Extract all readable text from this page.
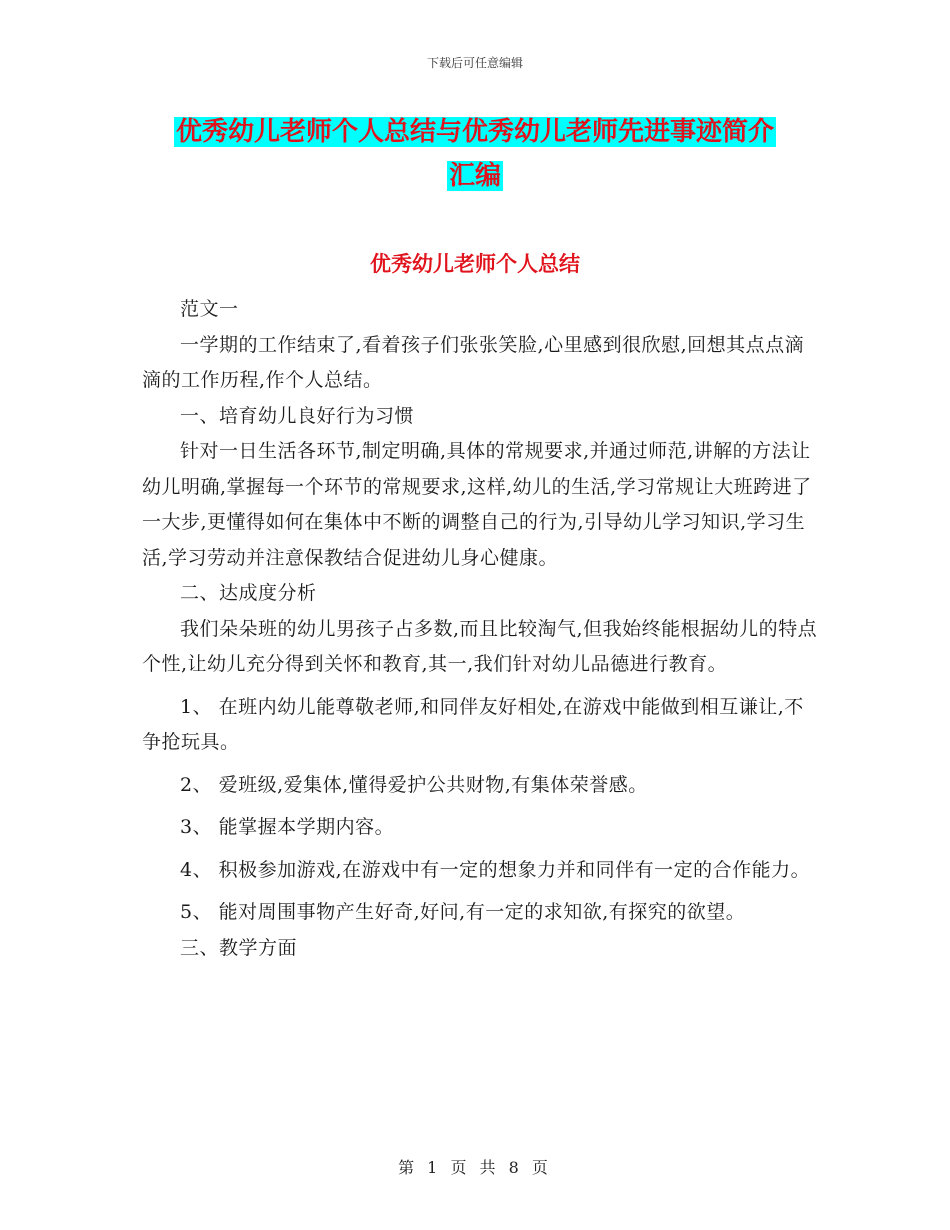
下载后可任意编辑
优秀幼儿老师个人总结与优秀幼儿老师先进事迹简介
汇编
优秀幼儿老师个人总结

范文一

一学期的工作结束了,看着孩子们张张笑脸,心里感到很欣慰,回想其点点滴滴的工作历程,作个人总结。

一、培育幼儿良好行为习惯

针对一日生活各环节,制定明确,具体的常规要求,并通过师范,讲解的方法让幼儿明确,掌握每一个环节的常规要求,这样,幼儿的生活,学习常规让大班跨进了一大步,更懂得如何在集体中不断的调整自己的行为,引导幼儿学习知识,学习生活,学习劳动并注意保教结合促进幼儿身心健康。

二、达成度分析

我们朵朵班的幼儿男孩子占多数,而且比较淘气,但我始终能根据幼儿的特点个性,让幼儿充分得到关怀和教育,其一,我们针对幼儿品德进行教育。

1、 在班内幼儿能尊敬老师,和同伴友好相处,在游戏中能做到相互谦让,不争抢玩具。

2、 爱班级,爱集体,懂得爱护公共财物,有集体荣誉感。

3、 能掌握本学期内容。

4、 积极参加游戏,在游戏中有一定的想象力并和同伴有一定的合作能力。

5、 能对周围事物产生好奇,好问,有一定的求知欲,有探究的欲望。

三、教学方面

第 1 页 共 8 页
